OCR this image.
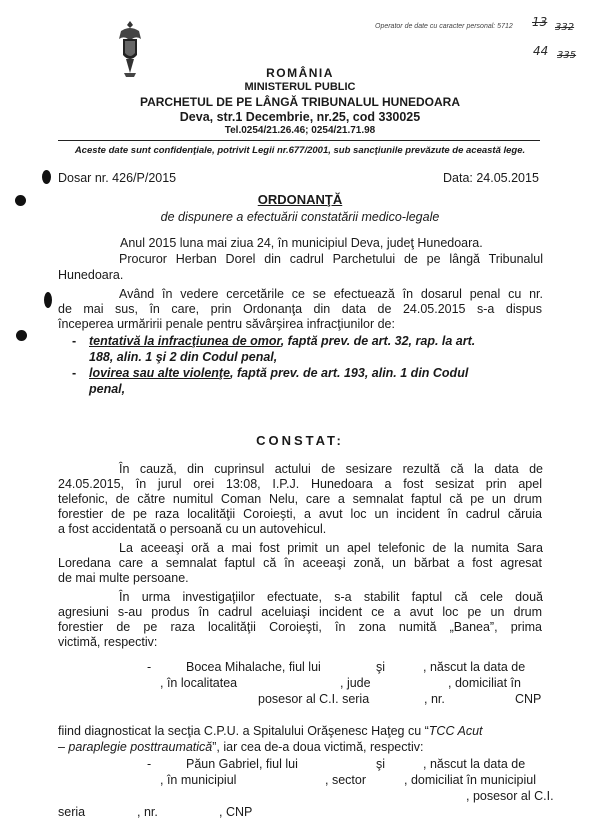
Operator de date cu caracter personal: 5712 13 332
44 335
ROMÂNIA
MINISTERUL PUBLIC
PARCHETUL DE PE LÂNGĂ TRIBUNALUL HUNEDOARA
Deva, str.1 Decembrie, nr.25, cod 330025
Tel.0254/21.26.46; 0254/21.71.98
Aceste date sunt confidenţiale, potrivit Legii nr.677/2001, sub sancţiunile prevăzute de această lege.
Dosar nr. 426/P/2015	Data: 24.05.2015
ORDONANŢĂ
de dispunere a efectuării constatării medico-legale
Anul 2015 luna mai ziua 24, în municipiul Deva, judeţ Hunedoara.
Procuror Herban Dorel din cadrul Parchetului de pe lângă Tribunalul
Hunedoara.
Având în vedere cercetările ce se efectuează în dosarul penal cu nr.
de mai sus, în care, prin Ordonanţa din data de 24.05.2015 s-a dispus
începerea urmăririi penale pentru săvârşirea infracţiunilor de:
- tentativă la infracţiunea de omor, faptă prev. de art. 32, rap. la art.
188, alin. 1 şi 2 din Codul penal,
- lovirea sau alte violenţe, faptă prev. de art. 193, alin. 1 din Codul
penal,
CONSTAT:
În cauză, din cuprinsul actului de sesizare rezultă că la data de
24.05.2015, în jurul orei 13:08, I.P.J. Hunedoara a fost sesizat prin apel
telefonic, de către numitul Coman Nelu, care a semnalat faptul că pe un drum
forestier de pe raza localităţii Coroieşti, a avut loc un incident în cadrul căruia
a fost accidentată o persoană cu un autovehicul.
La aceeaşi oră a mai fost primit un apel telefonic de la numita Sara
Loredana care a semnalat faptul că în aceeaşi zonă, un bărbat a fost agresat
de mai multe persoane.
În urma investigaţiilor efectuate, s-a stabilit faptul că cele două
agresiuni s-au produs în cadrul aceluiaşi incident ce a avut loc pe un drum
forestier de pe raza localităţii Coroieşti, în zona numită „Banea”, prima
victimă, respectiv:
-	Bocea Mihalache, fiul lui	şi	, născut la data de
, în localitatea	, jude	, domiciliat în
posesor al C.I. seria	, nr.	CNP
fiind diagnosticat la secţia C.P.U. a Spitalului Orăşenesc Haţeg cu “TCC Acut
– paraplegie posttraumatică”, iar cea de-a doua victimă, respectiv:
-	Păun Gabriel, fiul lui	şi	, născut la data de
, în municipiul	, sector	, domiciliat în municipiul
, posesor al C.I.
seria	, nr.	, CNP
